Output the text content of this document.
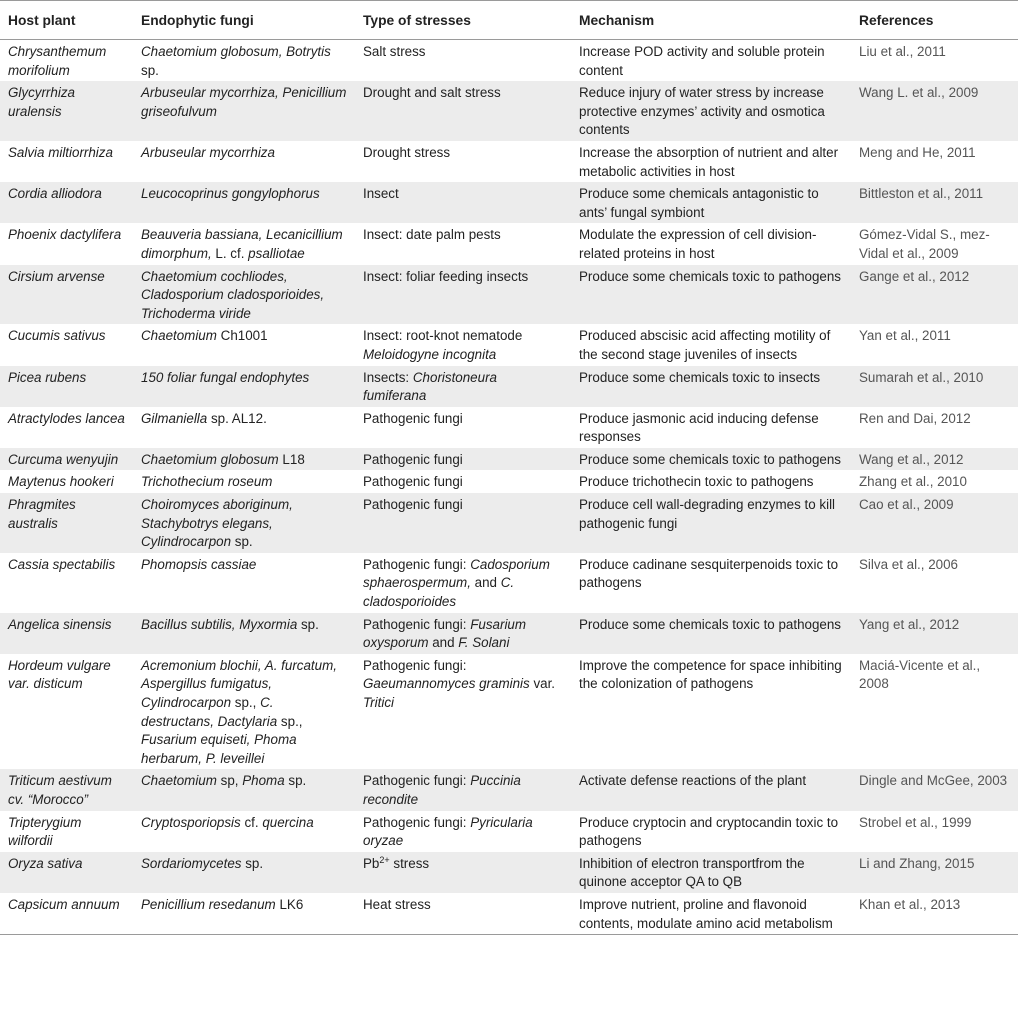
Host plant	Endophytic fungi	Type of stresses	Mechanism	References
Chrysanthemum morifolium	Chaetomium globosum, Botrytis sp.	Salt stress	Increase POD activity and soluble protein content	Liu et al., 2011
Glycyrrhiza uralensis	Arbuseular mycorrhiza, Penicillium griseofulvum	Drought and salt stress	Reduce injury of water stress by increase protective enzymes’ activity and osmotica contents	Wang L. et al., 2009
Salvia miltiorrhiza	Arbuseular mycorrhiza	Drought stress	Increase the absorption of nutrient and alter metabolic activities in host	Meng and He, 2011
Cordia alliodora	Leucocoprinus gongylophorus	Insect	Produce some chemicals antagonistic to ants’ fungal symbiont	Bittleston et al., 2011
Phoenix dactylifera	Beauveria bassiana, Lecanicillium dimorphum, L. cf. psalliotae	Insect: date palm pests	Modulate the expression of cell division-related proteins in host	Gómez-Vidal S., mez-Vidal et al., 2009
Cirsium arvense	Chaetomium cochliodes, Cladosporium cladosporioides, Trichoderma viride	Insect: foliar feeding insects	Produce some chemicals toxic to pathogens	Gange et al., 2012
Cucumis sativus	Chaetomium Ch1001	Insect: root-knot nematode Meloidogyne incognita	Produced abscisic acid affecting motility of the second stage juveniles of insects	Yan et al., 2011
Picea rubens	150 foliar fungal endophytes	Insects: Choristoneura fumiferana	Produce some chemicals toxic to insects	Sumarah et al., 2010
Atractylodes lancea	Gilmaniella sp. AL12.	Pathogenic fungi	Produce jasmonic acid inducing defense responses	Ren and Dai, 2012
Curcuma wenyujin	Chaetomium globosum L18	Pathogenic fungi	Produce some chemicals toxic to pathogens	Wang et al., 2012
Maytenus hookeri	Trichothecium roseum	Pathogenic fungi	Produce trichothecin toxic to pathogens	Zhang et al., 2010
Phragmites australis	Choiromyces aboriginum, Stachybotrys elegans, Cylindrocarpon sp.	Pathogenic fungi	Produce cell wall-degrading enzymes to kill pathogenic fungi	Cao et al., 2009
Cassia spectabilis	Phomopsis cassiae	Pathogenic fungi: Cadosporium sphaerospermum, and C. cladosporioides	Produce cadinane sesquiterpenoids toxic to pathogens	Silva et al., 2006
Angelica sinensis	Bacillus subtilis, Myxormia sp.	Pathogenic fungi: Fusarium oxysporum and F. Solani	Produce some chemicals toxic to pathogens	Yang et al., 2012
Hordeum vulgare var. disticum	Acremonium blochii, A. furcatum, Aspergillus fumigatus, Cylindrocarpon sp., C. destructans, Dactylaria sp., Fusarium equiseti, Phoma herbarum, P. leveillei	Pathogenic fungi: Gaeumannomyces graminis var. Tritici	Improve the competence for space inhibiting the colonization of pathogens	Maciá-Vicente et al., 2008
Triticum aestivum cv. “Morocco”	Chaetomium sp, Phoma sp.	Pathogenic fungi: Puccinia recondite	Activate defense reactions of the plant	Dingle and McGee, 2003
Tripterygium wilfordii	Cryptosporiopsis cf. quercina	Pathogenic fungi: Pyricularia oryzae	Produce cryptocin and cryptocandin toxic to pathogens	Strobel et al., 1999
Oryza sativa	Sordariomycetes sp.	$Pb^{2+}$ stress	Inhibition of electron transportfrom the quinone acceptor QA to QB	Li and Zhang, 2015
Capsicum annuum	Penicillium resedanum LK6	Heat stress	Improve nutrient, proline and flavonoid contents, modulate amino acid metabolism	Khan et al., 2013
